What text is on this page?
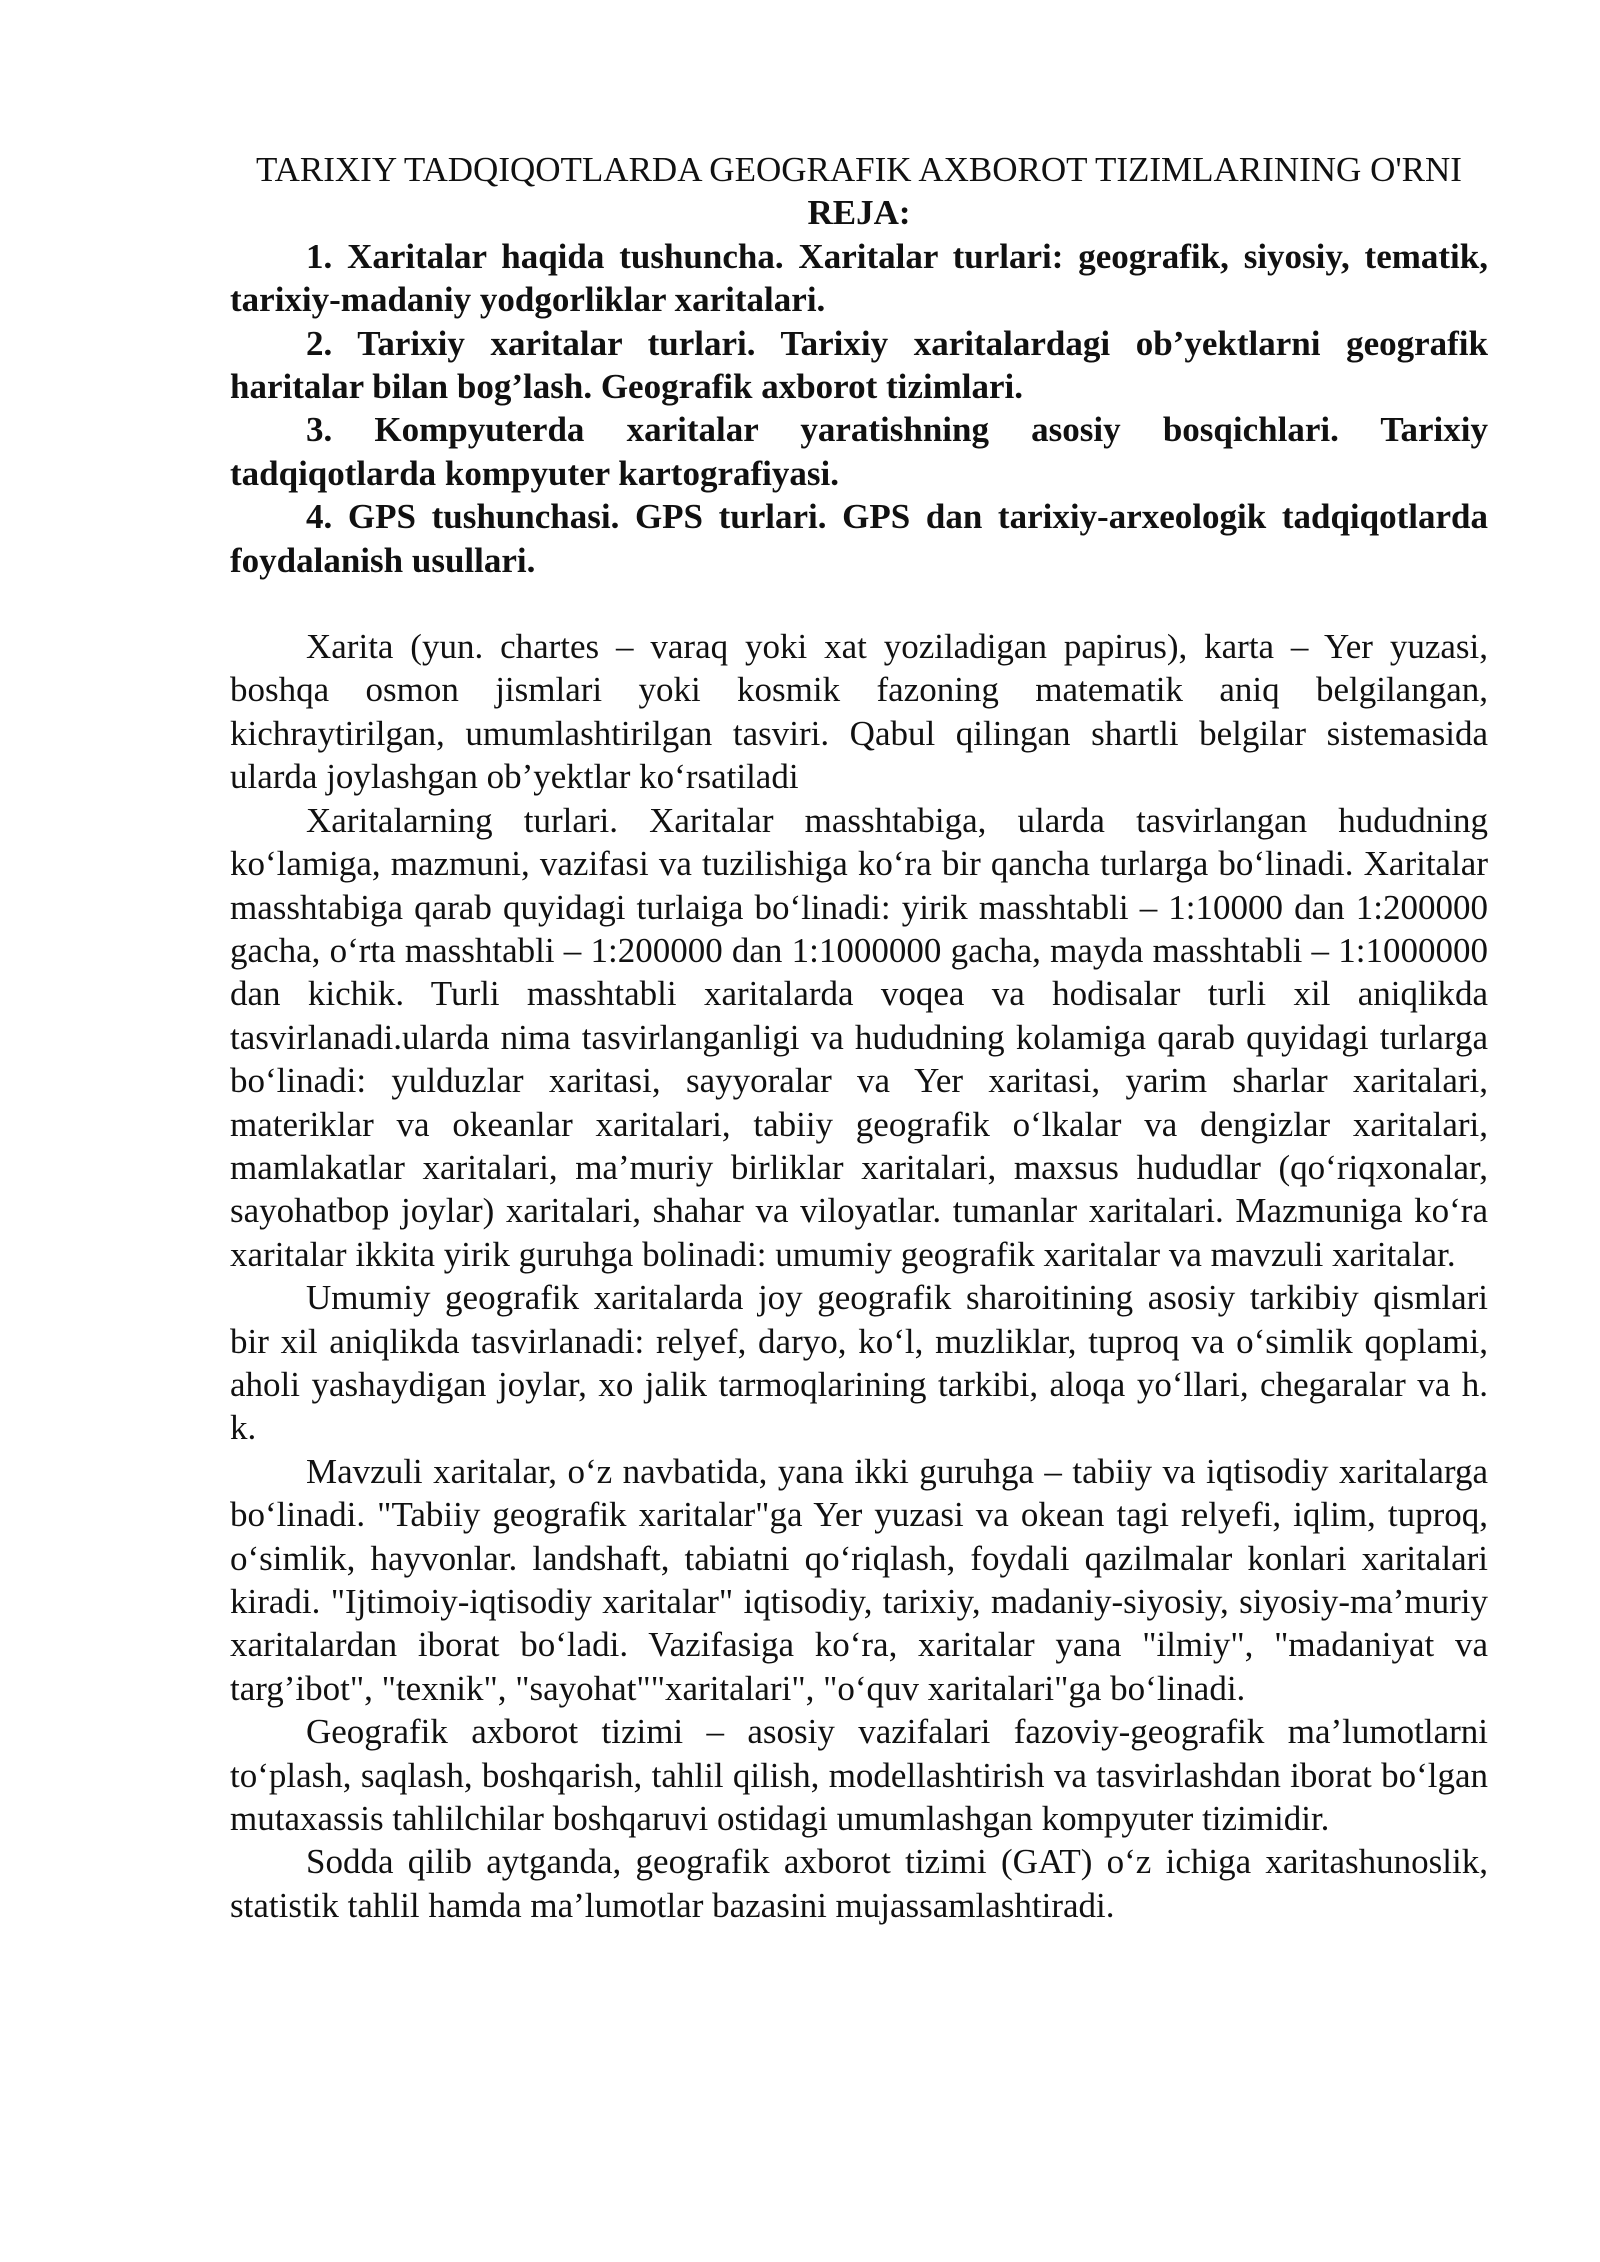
TARIXIY TADQIQOTLARDA GEOGRAFIK AXBOROT TIZIMLARINING O'RNI
REJA:
1. Xaritalar haqida tushuncha. Xaritalar turlari: geografik, siyosiy, tematik, tarixiy-madaniy yodgorliklar xaritalari.
2. Tarixiy xaritalar turlari. Tarixiy xaritalardagi ob’yektlarni geografik haritalar bilan bog’lash. Geografik axborot tizimlari.
3. Kompyuterda xaritalar yaratishning asosiy bosqichlari. Tarixiy tadqiqotlarda kompyuter kartografiyasi.
4. GPS tushunchasi. GPS turlari. GPS dan tarixiy-arxeologik tadqiqotlarda foydalanish usullari.

Xarita (yun. chartes – varaq yoki xat yoziladigan papirus), karta – Yer yuzasi, boshqa osmon jismlari yoki kosmik fazoning matematik aniq belgilangan, kichraytirilgan, umumlashtirilgan tasviri. Qabul qilingan shartli belgilar sistemasida ularda joylashgan ob’yektlar ko‘rsatiladi

Xaritalarning turlari. Xaritalar masshtabiga, ularda tasvirlangan hududning ko‘lamiga, mazmuni, vazifasi va tuzilishiga ko‘ra bir qancha turlarga bo‘linadi. Xaritalar masshtabiga qarab quyidagi turlaiga bo‘linadi: yirik masshtabli – 1:10000 dan 1:200000 gacha, o‘rta masshtabli – 1:200000 dan 1:1000000 gacha, mayda masshtabli – 1:1000000 dan kichik. Turli masshtabli xaritalarda voqea va hodisalar turli xil aniqlikda tasvirlanadi.ularda nima tasvirlanganligi va hududning kolamiga qarab quyidagi turlarga bo‘linadi: yulduzlar xaritasi, sayyoralar va Yer xaritasi, yarim sharlar xaritalari, materiklar va okeanlar xaritalari, tabiiy geografik o‘lkalar va dengizlar xaritalari, mamlakatlar xaritalari, ma’muriy birliklar xaritalari, maxsus hududlar (qo‘riqxonalar, sayohatbop joylar) xaritalari, shahar va viloyatlar. tumanlar xaritalari. Mazmuniga ko‘ra xaritalar ikkita yirik guruhga bolinadi: umumiy geografik xaritalar va mavzuli xaritalar.

Umumiy geografik xaritalarda joy geografik sharoitining asosiy tarkibiy qismlari bir xil aniqlikda tasvirlanadi: relyef, daryo, ko‘l, muzliklar, tuproq va o‘simlik qoplami, aholi yashaydigan joylar, xo jalik tarmoqlarining tarkibi, aloqa yo‘llari, chegaralar va h. k.

Mavzuli xaritalar, o‘z navbatida, yana ikki guruhga – tabiiy va iqtisodiy xaritalarga bo‘linadi. "Tabiiy geografik xaritalar"ga Yer yuzasi va okean tagi relyefi, iqlim, tuproq, o‘simlik, hayvonlar. landshaft, tabiatni qo‘riqlash, foydali qazilmalar konlari xaritalari kiradi. "Ijtimoiy-iqtisodiy xaritalar" iqtisodiy, tarixiy, madaniy-siyosiy, siyosiy-ma’muriy xaritalardan iborat bo‘ladi. Vazifasiga ko‘ra, xaritalar yana "ilmiy", "madaniyat va targ’ibot", "texnik", "sayohat""xaritalari", "o‘quv xaritalari"ga bo‘linadi.

Geografik axborot tizimi – asosiy vazifalari fazoviy-geografik ma’lumotlarni to‘plash, saqlash, boshqarish, tahlil qilish, modellashtirish va tasvirlashdan iborat bo‘lgan mutaxassis tahlilchilar boshqaruvi ostidagi umumlashgan kompyuter tizimidir.

Sodda qilib aytganda, geografik axborot tizimi (GAT) o‘z ichiga xaritashunoslik, statistik tahlil hamda ma’lumotlar bazasini mujassamlashtiradi.
